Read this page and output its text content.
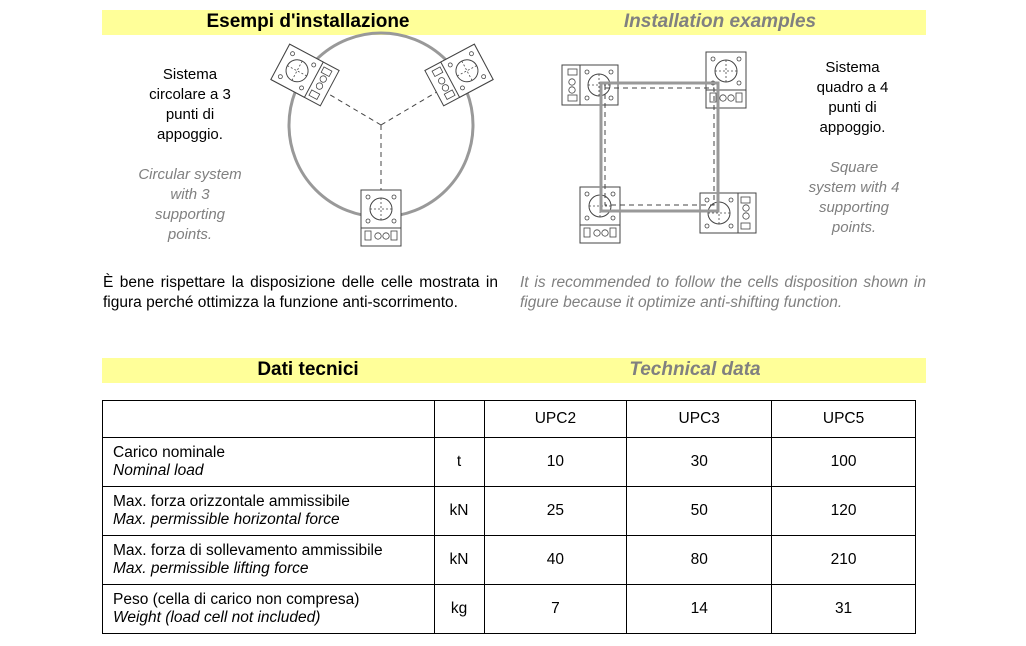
Esempi d'installazione	Installation examples
Sistema
circolare a 3
punti di
appoggio.
Circular system
with 3
supporting
points.
Sistema
quadro a 4
punti di
appoggio.
Square
system with 4
supporting
points.
È bene rispettare la disposizione delle celle mostrata in figura perché ottimizza la funzione anti-scorrimento.
It is recommended to follow the cells disposition shown in figure because it optimize anti-shifting function.
Dati tecnici	Technical data
		UPC2	UPC3	UPC5

Carico nominale
Nominal load	t	10	30	100

Max. forza orizzontale ammissibile
Max. permissible horizontal force	kN	25	50	120

Max. forza di sollevamento ammissibile
Max. permissible lifting force	kN	40	80	210

Peso (cella di carico non compresa)
Weight (load cell not included)	kg	7	14	31
